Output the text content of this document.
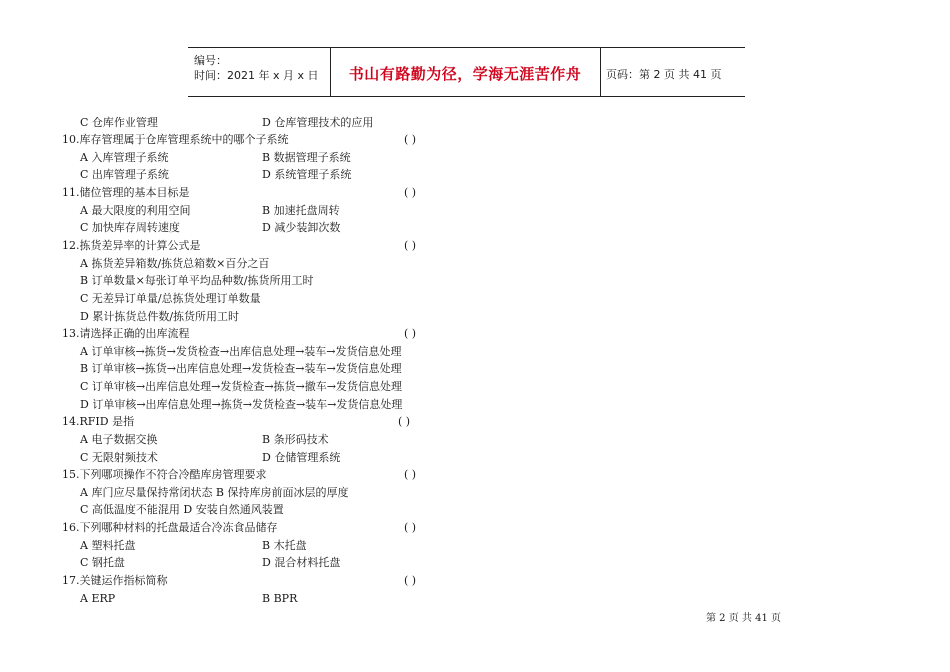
编号：
时间：2021 年 x 月 x 日	书山有路勤为径，学海无涯苦作舟	页码：第 2 页 共 41 页
C 仓库作业管理	D 仓库管理技术的应用
10.库存管理属于仓库管理系统中的哪个子系统	( )
A 入库管理子系统	B 数据管理子系统
C 出库管理子系统	D 系统管理子系统
11.储位管理的基本目标是	( )
A 最大限度的利用空间	B 加速托盘周转
C 加快库存周转速度	D 减少装卸次数
12.拣货差异率的计算公式是	( )
A 拣货差异箱数/拣货总箱数×百分之百
B 订单数量×每张订单平均品种数/拣货所用工时
C 无差异订单量/总拣货处理订单数量
D 累计拣货总件数/拣货所用工时
13.请选择正确的出库流程	( )
A 订单审核→拣货→发货检查→出库信息处理→装车→发货信息处理
B 订单审核→拣货→出库信息处理→发货检查→装车→发货信息处理
C 订单审核→出库信息处理→发货检查→拣货→撤车→发货信息处理
D 订单审核→出库信息处理→拣货→发货检查→装车→发货信息处理
14.RFID 是指	( )
A 电子数据交换	B 条形码技术
C 无限射频技术	D 仓储管理系统
15.下列哪项操作不符合冷酷库房管理要求	( )
A 库门应尽量保持常闭状态 B 保持库房前面冰层的厚度
C 高低温度不能混用 D 安装自然通风装置
16.下列哪种材料的托盘最适合冷冻食品储存	( )
A 塑料托盘	B 木托盘
C 钢托盘	D 混合材料托盘
17.关键运作指标简称	( )
A ERP	B BPR
第 2 页 共 41 页
